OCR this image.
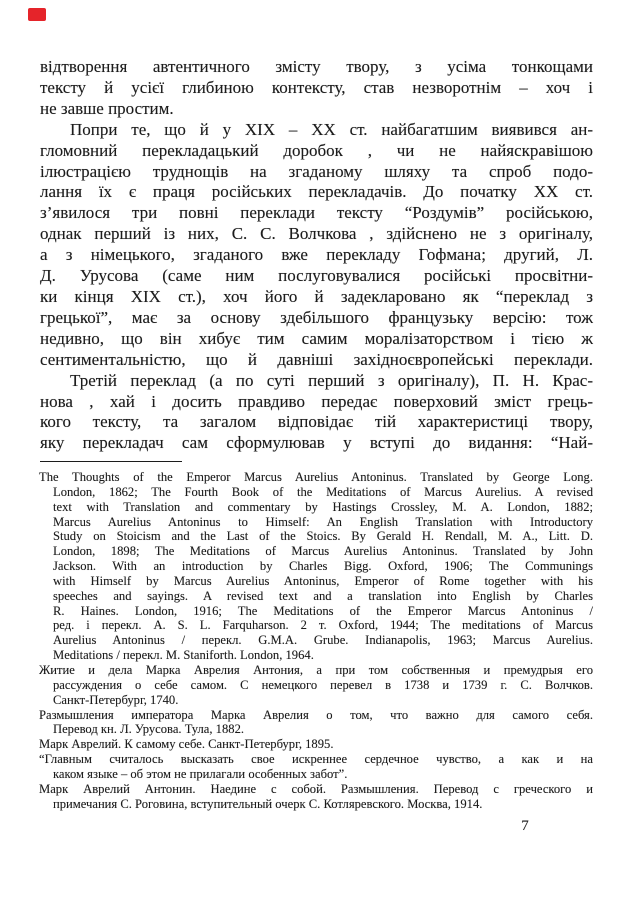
відтворення автентичного змісту твору, з усіма тонкощами
тексту й усієї глибиною контексту, став незворотнім – хоч і
не завше простим.
Попри те, що й у XIX – XX ст. найбагатшим виявився ан-
гломовний перекладацький доробок , чи не найяскравішою
ілюстрацією труднощів на згаданому шляху та спроб подо-
лання їх є праця російських перекладачів. До початку XX ст.
з’явилося три повні переклади тексту “Роздумів” російською,
однак перший із них, С. С. Волчкова , здійснено не з оригіналу,
а з німецького, згаданого вже перекладу Гофмана; другий, Л.
Д. Урусова (саме ним послуговувалися російські просвітни-
ки кінця XIX ст.), хоч його й задекларовано як “переклад з
грецької”, має за основу здебільшого французьку версію: тож
недивно, що він хибує тим самим моралізаторством і тією ж
сентиментальністю, що й давніші західноєвропейські переклади.
Третій переклад (а по суті перший з оригіналу), П. Н. Крас-
нова , хай і досить правдиво передає поверховий зміст грець-
кого тексту, та загалом відповідає тій характеристиці твору,
яку перекладач сам сформулював у вступі до видання: “Най-
The Thoughts of the Emperor Marcus Aurelius Antoninus. Translated by George Long.
London, 1862; The Fourth Book of the Meditations of Marcus Aurelius. A revised
text with Translation and commentary by Hastings Crossley, M. A. London, 1882;
Marcus Aurelius Antoninus to Himself: An English Translation with Introductory
Study on Stoicism and the Last of the Stoics. By Gerald H. Rendall, M. A., Litt. D.
London, 1898; The Meditations of Marcus Aurelius Antoninus. Translated by John
Jackson. With an introduction by Charles Bigg. Oxford, 1906; The Communings
with Himself by Marcus Aurelius Antoninus, Emperor of Rome together with his
speeches and sayings. A revised text and a translation into English by Charles
R. Haines. London, 1916; The Meditations of the Emperor Marcus Antoninus /
ред. і перекл. A. S. L. Farquharson. 2 т. Oxford, 1944; The meditations of Marcus
Aurelius Antoninus / перекл. G.M.A. Grube. Indianapolis, 1963; Marcus Aurelius.
Meditations / перекл. M. Staniforth. London, 1964.
Житие и дела Марка Аврелия Антония, а при том собственныя и премудрыя его
рассуждения о себе самом. С немецкого перевел в 1738 и 1739 г. С. Волчков.
Санкт-Петербург, 1740.
Размышления императора Марка Аврелия о том, что важно для самого себя.
Перевод кн. Л. Урусова. Тула, 1882.
Марк Аврелий. К самому себе. Санкт-Петербург, 1895.
“Главным считалось высказать свое искреннее сердечное чувство, а как и на
каком языке – об этом не прилагали особенных забот”.
Марк Аврелий Антонин. Наедине с собой. Размышления. Перевод с греческого и
примечания С. Роговина, вступительный очерк С. Котляревского. Москва, 1914.
7
